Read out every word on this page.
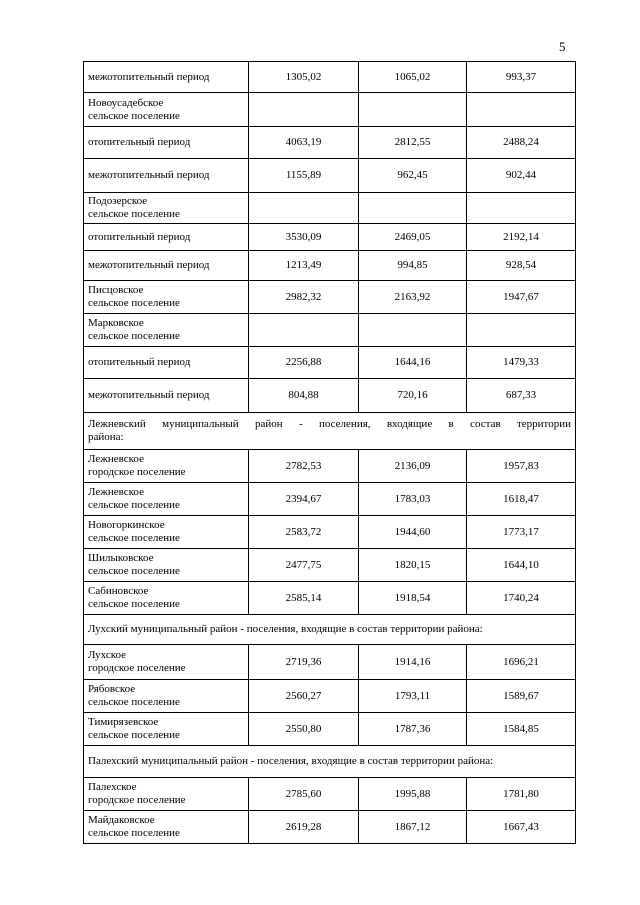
5
межотопительный период	1305,02	1065,02	993,37

Новоусадебское
сельское поселение			

отопительный период	4063,19	2812,55	2488,24

межотопительный период	1155,89	962,45	902,44

Подозерское
сельское поселение			

отопительный период	3530,09	2469,05	2192,14

межотопительный период	1213,49	994,85	928,54

Писцовское
сельское поселение	2982,32	2163,92	1947,67

Марковское
сельское поселение			

отопительный период	2256,88	1644,16	1479,33

межотопительный период	804,88	720,16	687,33

Лежневский муниципальный район - поселения, входящие в состав территории
района:			

Лежневское
городское поселение	2782,53	2136,09	1957,83

Лежневское
сельское поселение	2394,67	1783,03	1618,47

Новогоркинское
сельское поселение	2583,72	1944,60	1773,17

Шилыковское
сельское поселение	2477,75	1820,15	1644,10

Сабиновское
сельское поселение	2585,14	1918,54	1740,24

Лухский муниципальный район - поселения, входящие в состав территории района:			

Лухское
городское поселение	2719,36	1914,16	1696,21

Рябовское
сельское поселение	2560,27	1793,11	1589,67

Тимирязевское
сельское поселение	2550,80	1787,36	1584,85

Палехский муниципальный район - поселения, входящие в состав территории района:			

Палехское
городское поселение	2785,60	1995,88	1781,80

Майдаковское
сельское поселение	2619,28	1867,12	1667,43
